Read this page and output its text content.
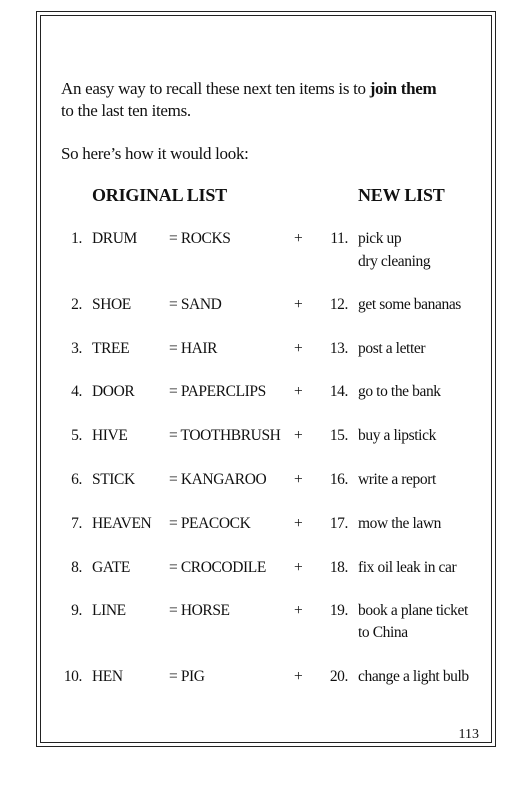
An easy way to recall these next ten items is to join them
to the last ten items.
So here’s how it would look:
ORIGINAL LIST	NEW LIST
1. DRUM = ROCKS	+	11. pick up
dry cleaning
2. SHOE = SAND	+	12. get some bananas
3. TREE	= HAIR	+	13. post a letter
4. DOOR = PAPERCLIPS +	14. go to the bank
5. HIVE	= TOOTHBRUSH +	15. buy a lipstick
6. STICK = KANGAROO +	16. write a report
7. HEAVEN = PEACOCK	+	17. mow the lawn
8. GATE	= CROCODILE +	18. fix oil leak in car
9. LINE	= HORSE	+	19. book a plane ticket
to China
10. HEN	= PIG	+	20. change a light bulb
113
